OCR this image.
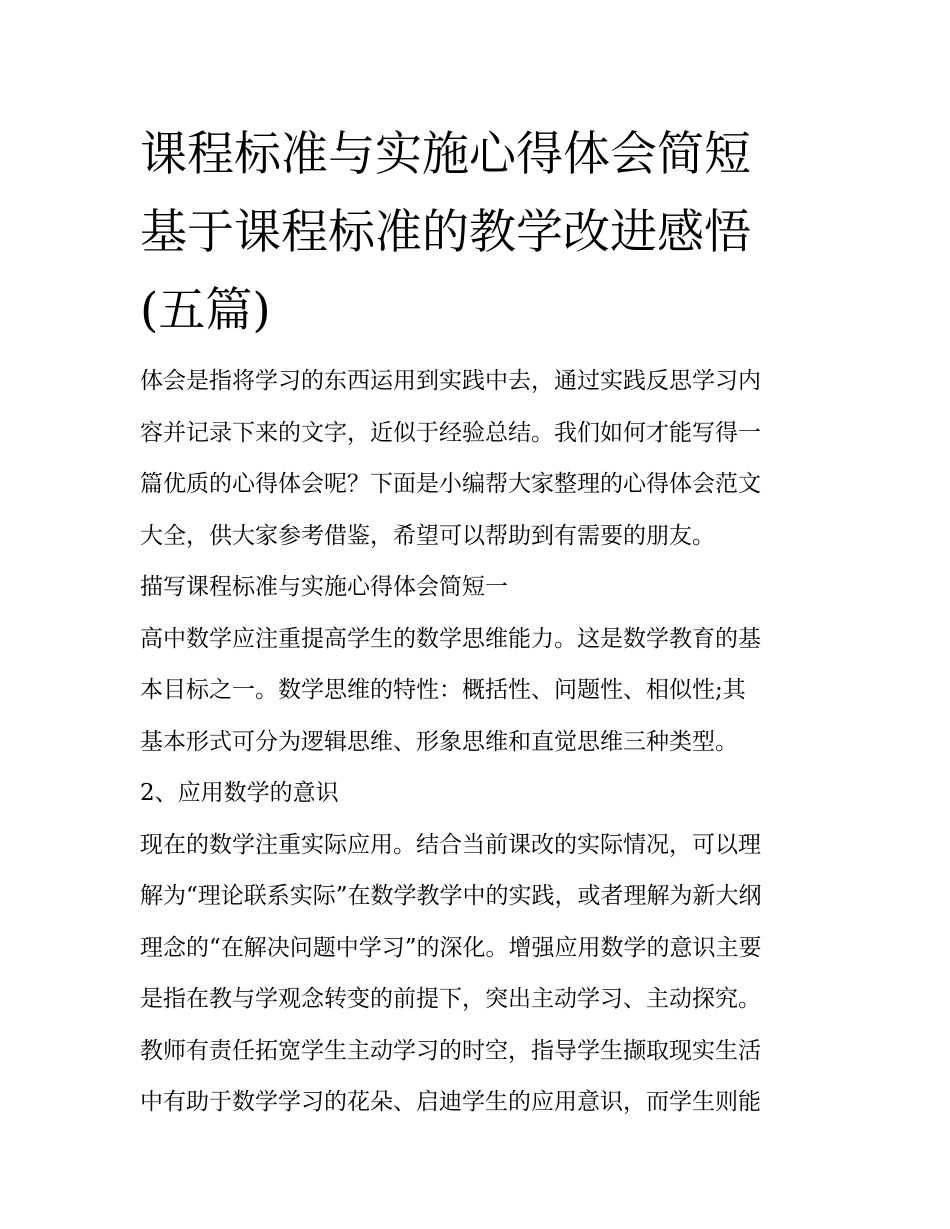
课程标准与实施心得体会简短
基于课程标准的教学改进感悟
(五篇)
体会是指将学习的东西运用到实践中去，通过实践反思学习内
容并记录下来的文字，近似于经验总结。我们如何才能写得一
篇优质的心得体会呢？下面是小编帮大家整理的心得体会范文
大全，供大家参考借鉴，希望可以帮助到有需要的朋友。
描写课程标准与实施心得体会简短一
高中数学应注重提高学生的数学思维能力。这是数学教育的基
本目标之一。数学思维的特性：概括性、问题性、相似性;其
基本形式可分为逻辑思维、形象思维和直觉思维三种类型。
2、应用数学的意识
现在的数学注重实际应用。结合当前课改的实际情况，可以理
解为“理论联系实际”在数学教学中的实践，或者理解为新大纲
理念的“在解决问题中学习”的深化。增强应用数学的意识主要
是指在教与学观念转变的前提下，突出主动学习、主动探究。
教师有责任拓宽学生主动学习的时空，指导学生撷取现实生活
中有助于数学学习的花朵、启迪学生的应用意识，而学生则能
